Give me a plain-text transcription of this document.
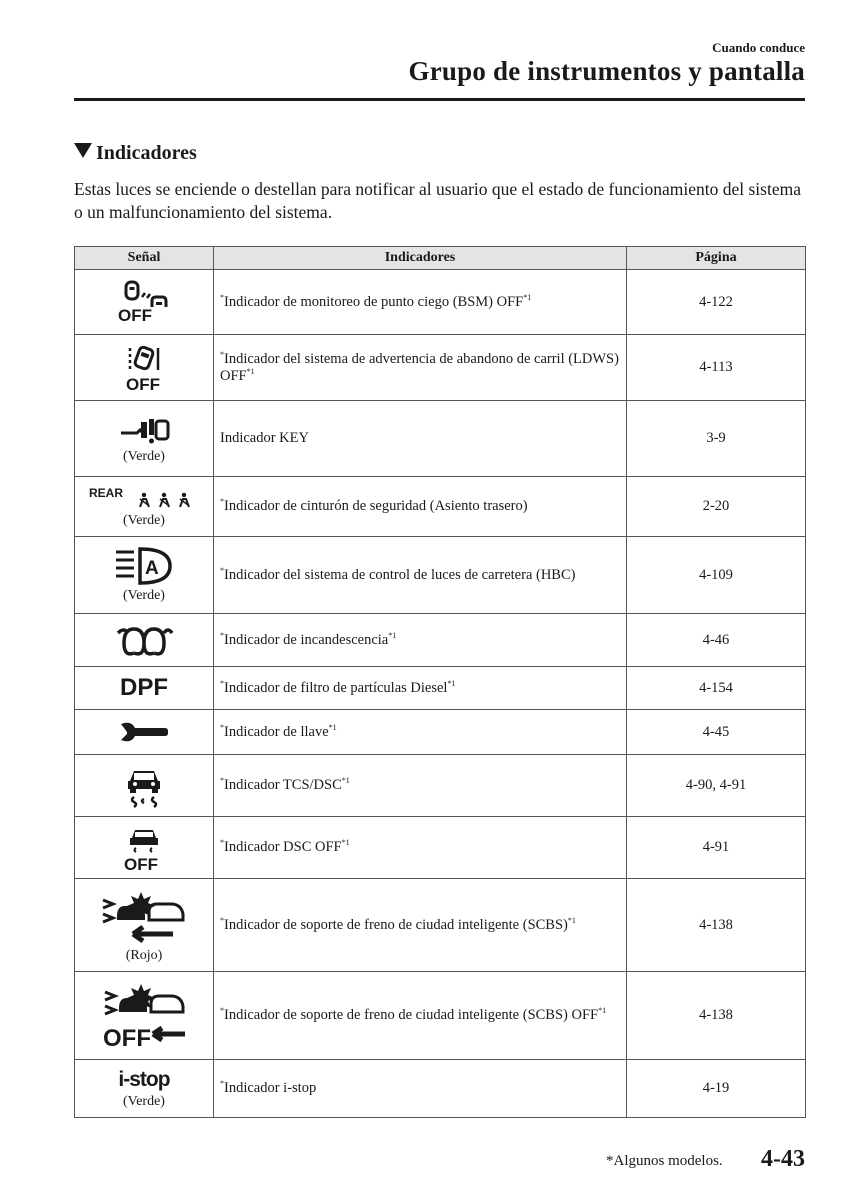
Cuando conduce
Grupo de instrumentos y pantalla
Indicadores
Estas luces se enciende o destellan para notificar al usuario que el estado de funcionamiento del sistema o un malfuncionamiento del sistema.
Señal	Indicadores	Página

OFF	*Indicador de monitoreo de punto ciego (BSM) OFF$^{*1}$	4-122

OFF	*Indicador del sistema de advertencia de abandono de carril (LDWS) OFF$^{*1}$	4-113

(Verde)	Indicador KEY	3-9

REAR
(Verde)	*Indicador de cinturón de seguridad (Asiento trasero)	2-20

A
(Verde)	*Indicador del sistema de control de luces de carretera (HBC)	4-109

	*Indicador de incandescencia$^{*1}$	4-46

DPF	*Indicador de filtro de partículas Diesel$^{*1}$	4-154

	*Indicador de llave$^{*1}$	4-45

	*Indicador TCS/DSC$^{*1}$	4-90, 4-91

OFF	*Indicador DSC OFF$^{*1}$	4-91

(Rojo)	*Indicador de soporte de freno de ciudad inteligente (SCBS)$^{*1}$	4-138

OFF	*Indicador de soporte de freno de ciudad inteligente (SCBS) OFF$^{*1}$	4-138

i-stop
(Verde)	*Indicador i-stop	4-19
*Algunos modelos. 4-43
